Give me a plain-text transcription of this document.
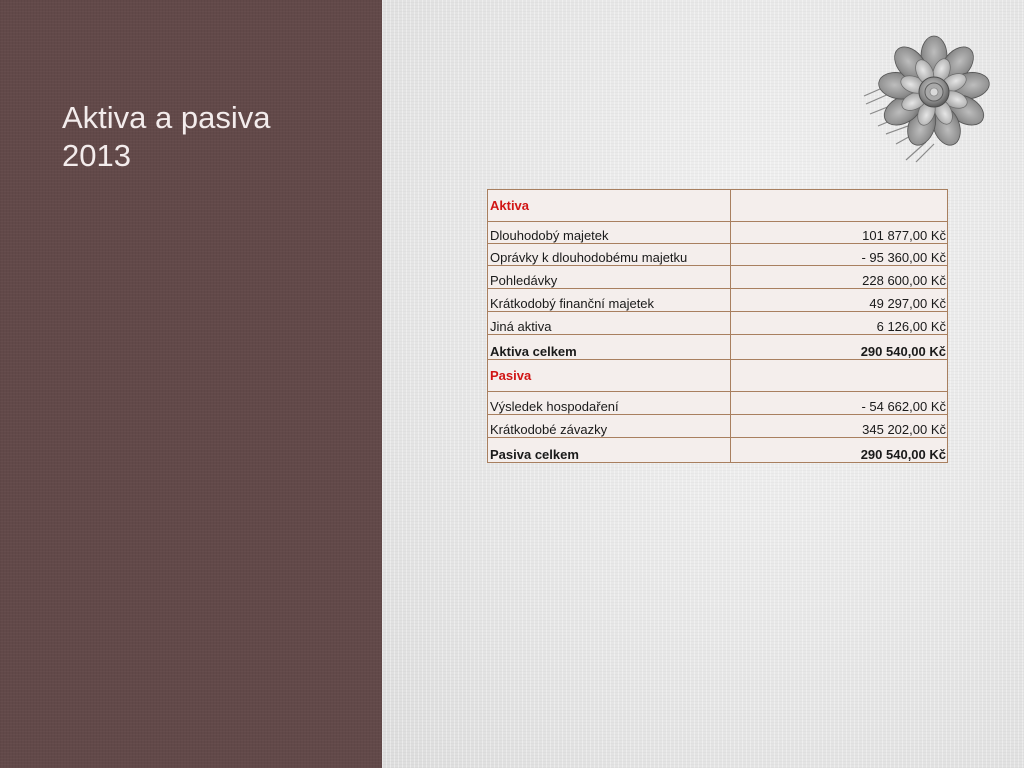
Aktiva a pasiva
2013
Aktiva	
Dlouhodobý majetek	101 877,00 Kč
Oprávky k dlouhodobému majetku	- 95 360,00 Kč
Pohledávky	228 600,00 Kč
Krátkodobý finanční majetek	49 297,00 Kč
Jiná aktiva	6 126,00 Kč
Aktiva celkem	290 540,00 Kč
Pasiva	
Výsledek hospodaření	- 54 662,00 Kč
Krátkodobé závazky	345 202,00 Kč
Pasiva celkem	290 540,00 Kč
